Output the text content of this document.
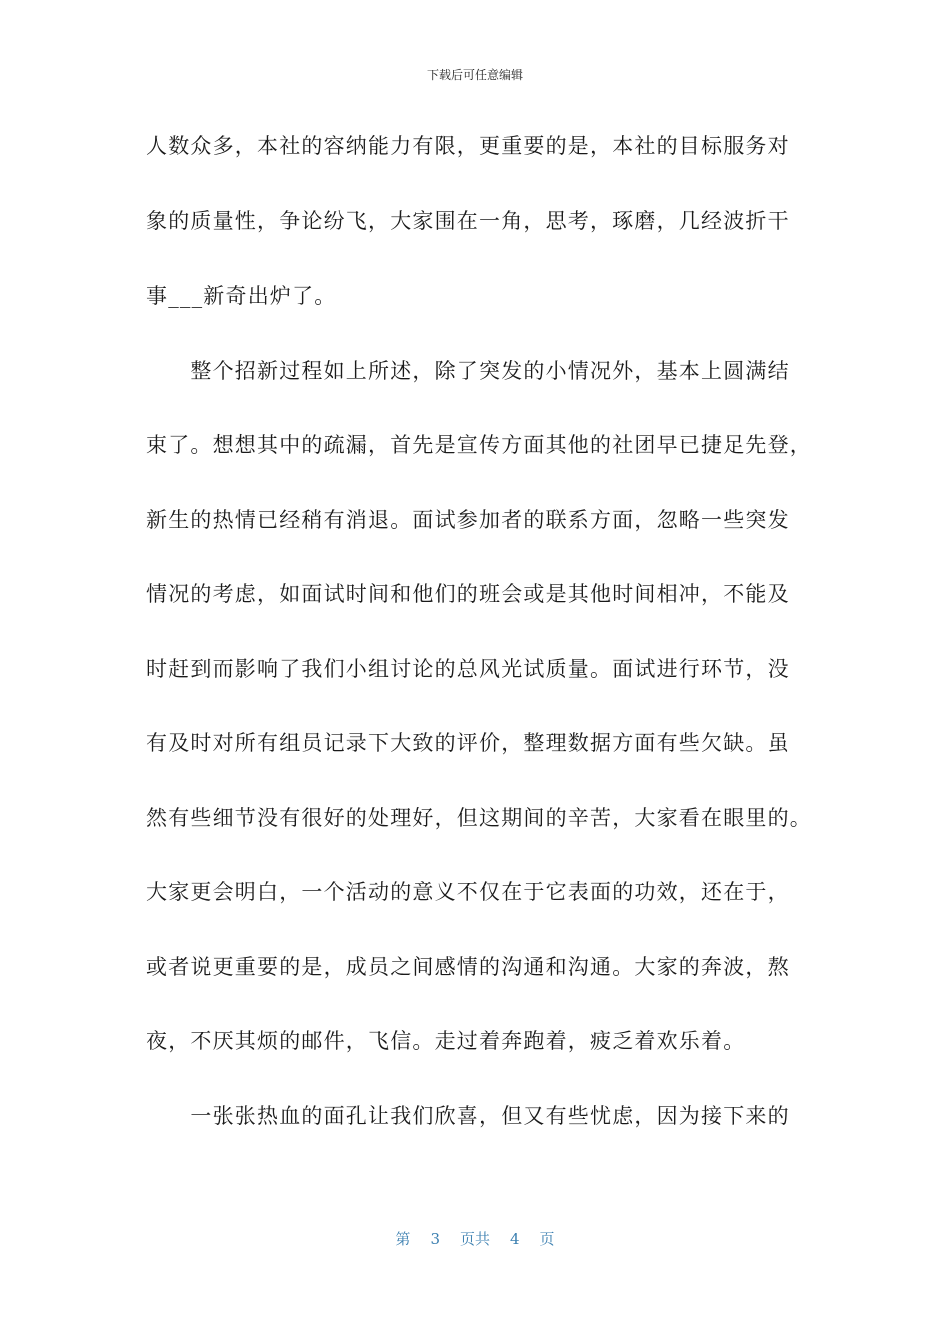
下载后可任意编辑
人数众多，本社的容纳能力有限，更重要的是，本社的目标服务对
象的质量性，争论纷飞，大家围在一角，思考，琢磨，几经波折干
事___新奇出炉了。
　　整个招新过程如上所述，除了突发的小情况外，基本上圆满结
束了。想想其中的疏漏，首先是宣传方面其他的社团早已捷足先登，
新生的热情已经稍有消退。面试参加者的联系方面，忽略一些突发
情况的考虑，如面试时间和他们的班会或是其他时间相冲，不能及
时赶到而影响了我们小组讨论的总风光试质量。面试进行环节，没
有及时对所有组员记录下大致的评价，整理数据方面有些欠缺。虽
然有些细节没有很好的处理好，但这期间的辛苦，大家看在眼里的。
大家更会明白，一个活动的意义不仅在于它表面的功效，还在于，
或者说更重要的是，成员之间感情的沟通和沟通。大家的奔波，熬
夜，不厌其烦的邮件，飞信。走过着奔跑着，疲乏着欢乐着。
　　一张张热血的面孔让我们欣喜，但又有些忧虑，因为接下来的
第 3 页共 4 页
